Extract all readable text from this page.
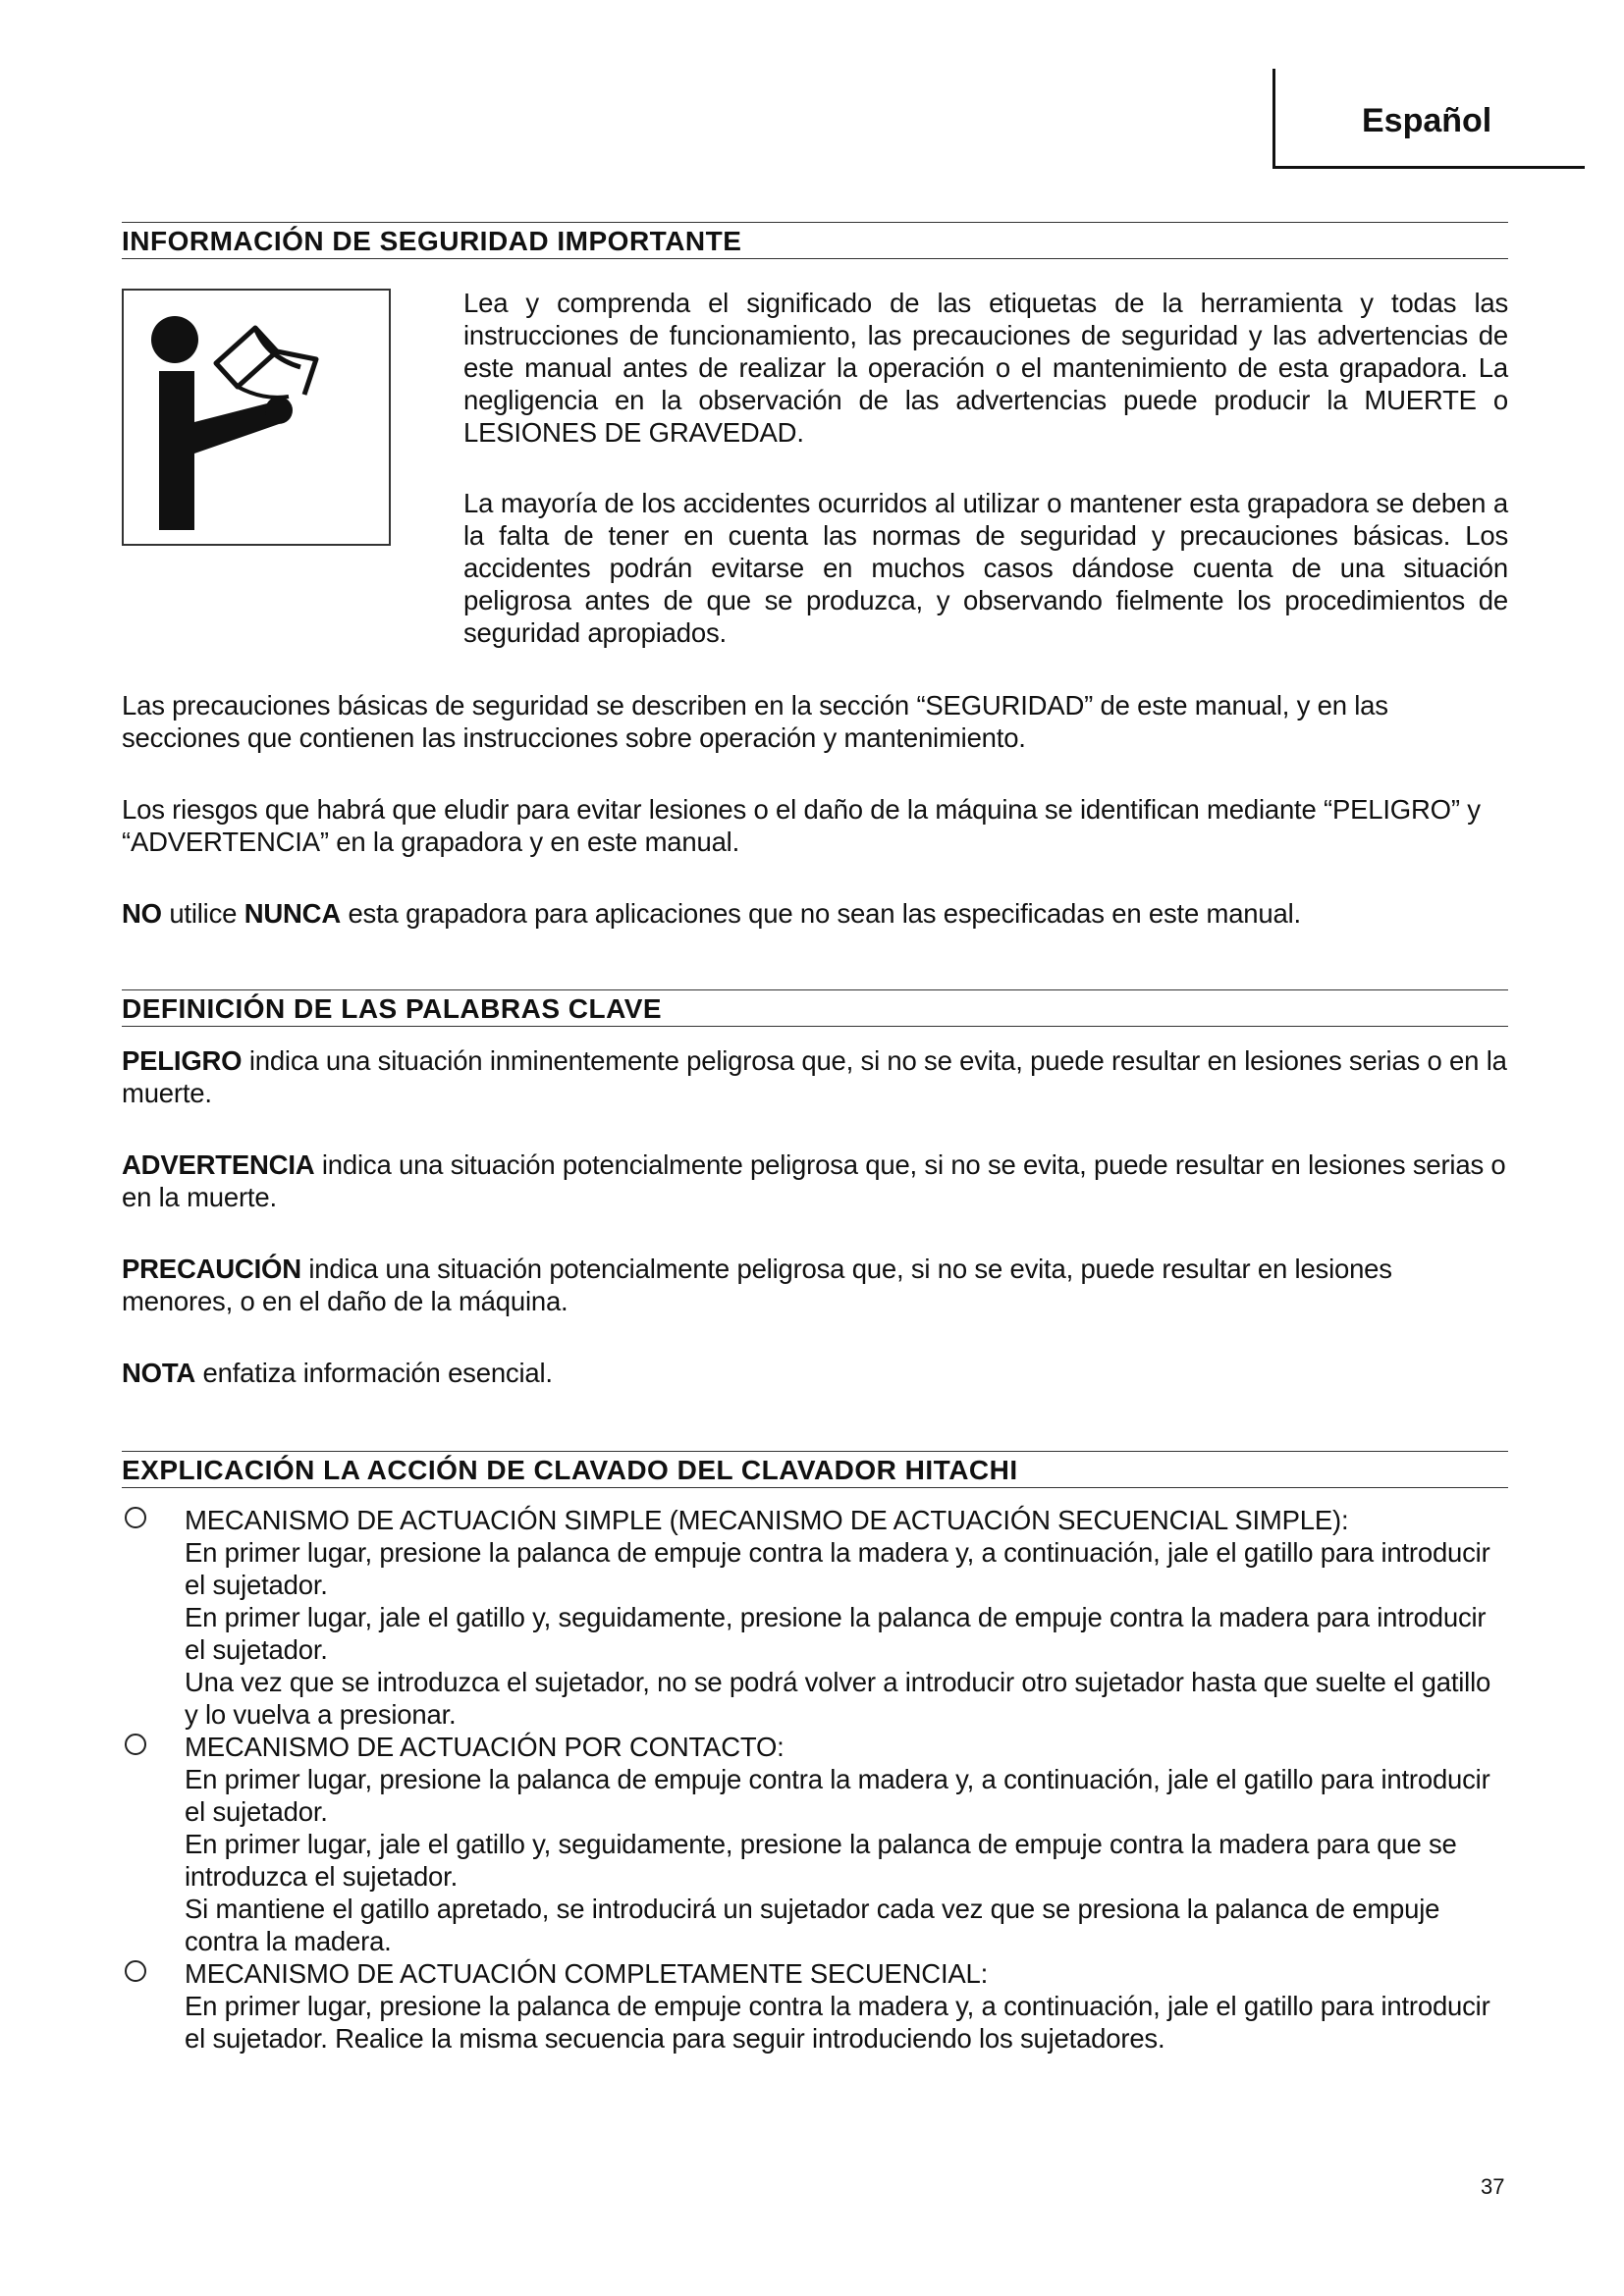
Español
INFORMACIÓN DE SEGURIDAD IMPORTANTE

Lea y comprenda el significado de las etiquetas de la herramienta y todas las instrucciones de funcionamiento, las precauciones de seguridad y las advertencias de este manual antes de realizar la operación o el mantenimiento de esta grapadora. La negligencia en la observación de las advertencias puede producir la MUERTE o LESIONES DE GRAVEDAD.

La mayoría de los accidentes ocurridos al utilizar o mantener esta grapadora se deben a la falta de tener en cuenta las normas de seguridad y precauciones básicas. Los accidentes podrán evitarse en muchos casos dándose cuenta de una situación peligrosa antes de que se produzca, y observando fielmente los procedimientos de seguridad apropiados.

Las precauciones básicas de seguridad se describen en la sección “SEGURIDAD” de este manual, y en las secciones que contienen las instrucciones sobre operación y mantenimiento.

Los riesgos que habrá que eludir para evitar lesiones o el daño de la máquina se identifican mediante “PELIGRO” y “ADVERTENCIA” en la grapadora y en este manual.

NO utilice NUNCA esta grapadora para aplicaciones que no sean las especificadas en este manual.

DEFINICIÓN DE LAS PALABRAS CLAVE

PELIGRO indica una situación inminentemente peligrosa que, si no se evita, puede resultar en lesiones serias o en la muerte.

ADVERTENCIA indica una situación potencialmente peligrosa que, si no se evita, puede resultar en lesiones serias o en la muerte.

PRECAUCIÓN indica una situación potencialmente peligrosa que, si no se evita, puede resultar en lesiones menores, o en el daño de la máquina.

NOTA enfatiza información esencial.

EXPLICACIÓN LA ACCIÓN DE CLAVADO DEL CLAVADOR HITACHI
MECANISMO DE ACTUACIÓN SIMPLE (MECANISMO DE ACTUACIÓN SECUENCIAL SIMPLE):
En primer lugar, presione la palanca de empuje contra la madera y, a continuación, jale el gatillo para introducir el sujetador.
En primer lugar, jale el gatillo y, seguidamente, presione la palanca de empuje contra la madera para introducir el sujetador.
Una vez que se introduzca el sujetador, no se podrá volver a introducir otro sujetador hasta que suelte el gatillo y lo vuelva a presionar.
MECANISMO DE ACTUACIÓN POR CONTACTO:
En primer lugar, presione la palanca de empuje contra la madera y, a continuación, jale el gatillo para introducir el sujetador.
En primer lugar, jale el gatillo y, seguidamente, presione la palanca de empuje contra la madera para que se introduzca el sujetador.
Si mantiene el gatillo apretado, se introducirá un sujetador cada vez que se presiona la palanca de empuje contra la madera.
MECANISMO DE ACTUACIÓN COMPLETAMENTE SECUENCIAL:
En primer lugar, presione la palanca de empuje contra la madera y, a continuación, jale el gatillo para introducir el sujetador. Realice la misma secuencia para seguir introduciendo los sujetadores.
37
